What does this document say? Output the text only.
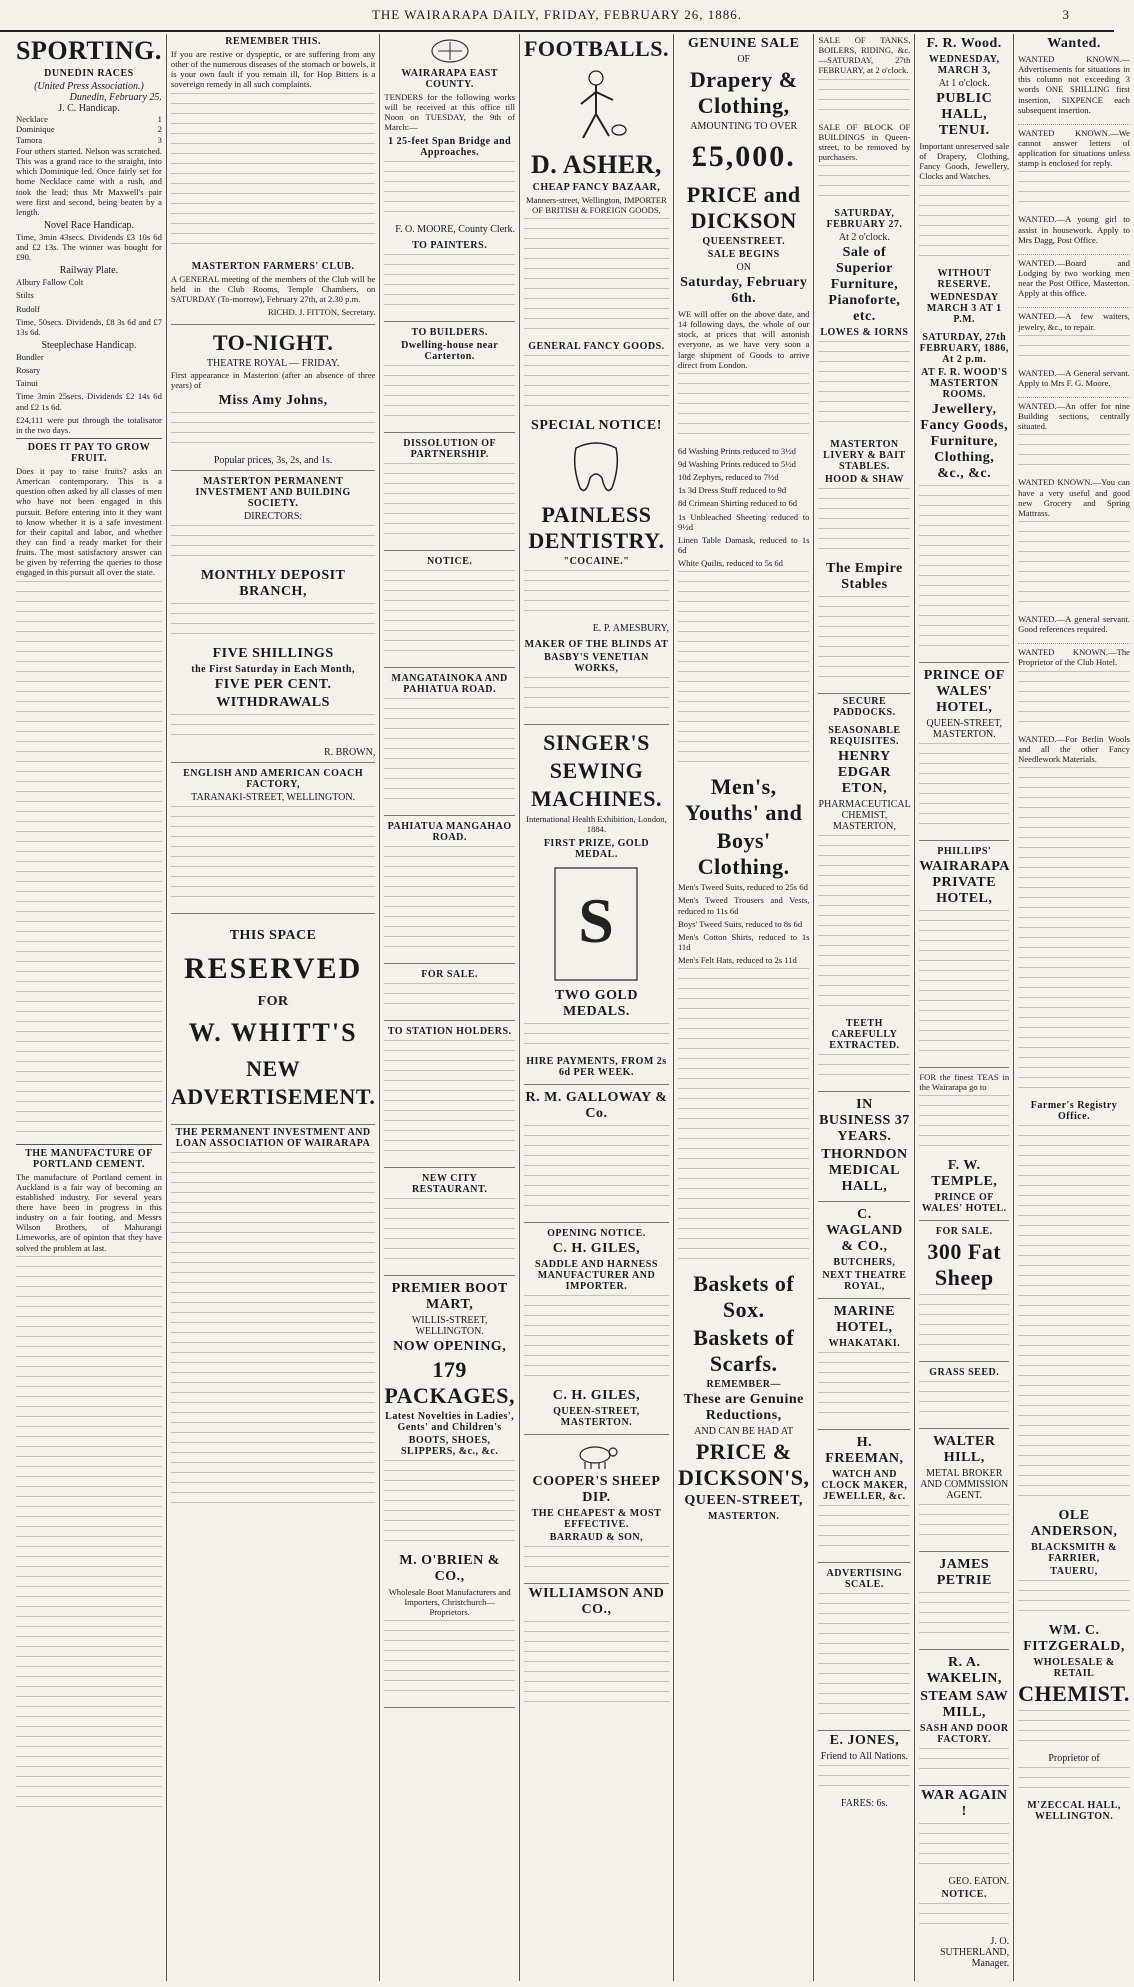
THE WAIRARAPA DAILY, FRIDAY, FEBRUARY 26, 1886.	3
SPORTING.
DUNEDIN RACES
(United Press Association.)
Dunedin, February 25.
J. C. Handicap.
Necklace	1
Dominique	2
Tamora	3

Four others started. Nelson was scratched. This was a grand race to the straight, into which Dominique led. Once fairly set for home Necklace came with a rush, and took the lead; thus Mr Maxwell's pair were first and second, being beaten by a length.

Novel Race Handicap.

Time, 3min 43secs. Dividends £3 10s 6d and £2 13s. The winner was bought for £90.

Railway Plate.

Albury Fallow Colt

Stilts

Rudolf

Time, 50secs. Dividends, £8 3s 6d and £7 13s 6d.

Steeplechase Handicap.

Bundler

Rosary

Tainui

Time 3min 25secs. Dividends £2 14s 6d and £2 1s 6d.

£24,111 were put through the totalisator in the two days.

DOES IT PAY TO GROW FRUIT.

Does it pay to raise fruits? asks an American contemporary. This is a question often asked by all classes of men who have not been engaged in this pursuit. Before entering into it they want to know whether it is a safe investment for their capital and labor, and whether they can find a ready market for their fruits. The most satisfactory answer can be given by referring the queries to those engaged in this pursuit all over the state.

THE MANUFACTURE OF PORTLAND CEMENT.

The manufacture of Portland cement in Auckland is a fair way of becoming an established industry. For several years there have been in progress in this industry on a fair footing, and Messrs Wilson Brothers, of Mahurangi Limeworks, are of opinion that they have solved the problem at last.

REMEMBER THIS.

If you are restive or dyspeptic, or are suffering from any other of the numerous diseases of the stomach or bowels, it is your own fault if you remain ill, for Hop Bitters is a sovereign remedy in all such complaints.

MASTERTON FARMERS' CLUB.

A GENERAL meeting of the members of the Club will be held in the Club Rooms, Temple Chambers, on SATURDAY (To-morrow), February 27th, at 2.30 p.m.

RICHD. J. FITTON, Secretary.

TO-NIGHT.
THEATRE ROYAL — FRIDAY.

First appearance in Masterton (after an absence of three years) of

Miss Amy Johns,
Popular prices, 3s, 2s, and 1s.
MASTERTON PERMANENT INVESTMENT AND BUILDING SOCIETY.
DIRECTORS:
MONTHLY DEPOSIT BRANCH,
FIVE SHILLINGS
the First Saturday in Each Month,
FIVE PER CENT.
WITHDRAWALS
R. BROWN,
ENGLISH AND AMERICAN COACH FACTORY,
TARANAKI-STREET, WELLINGTON.
THIS SPACE
RESERVED
FOR
W. WHITT'S
NEW
ADVERTISEMENT.
THE PERMANENT INVESTMENT AND LOAN ASSOCIATION OF WAIRARAPA
WAIRARAPA EAST COUNTY.

TENDERS for the following works will be received at this office till Noon on TUESDAY, the 9th of March:—

1 25-feet Span Bridge and Approaches.
F. O. MOORE, County Clerk.
TO PAINTERS.
TO BUILDERS.
Dwelling-house near Carterton.
DISSOLUTION OF PARTNERSHIP.
NOTICE.
MANGATAINOKA AND PAHIATUA ROAD.
PAHIATUA MANGAHAO ROAD.
FOR SALE.
TO STATION HOLDERS.
NEW CITY RESTAURANT.
PREMIER BOOT MART,
WILLIS-STREET, WELLINGTON.
NOW OPENING,
179 PACKAGES,
Latest Novelties in Ladies', Gents' and Children's
BOOTS, SHOES, SLIPPERS, &c., &c.
M. O'BRIEN & CO.,

Wholesale Boot Manufacturers and Importers, Christchurch—Proprietors.

FOOTBALLS.
D. ASHER,
CHEAP FANCY BAZAAR,

Manners-street, Wellington, IMPORTER OF BRITISH & FOREIGN GOODS,

GENERAL FANCY GOODS.
SPECIAL NOTICE!
PAINLESS DENTISTRY.
"COCAINE."
E. P. AMESBURY,
MAKER OF THE BLINDS AT
BASBY'S VENETIAN WORKS,
SINGER'S
SEWING
MACHINES.

International Health Exhibition, London, 1884.

FIRST PRIZE, GOLD MEDAL.
S
TWO GOLD MEDALS.
HIRE PAYMENTS, FROM 2s 6d PER WEEK.
R. M. GALLOWAY & Co.
OPENING NOTICE.
C. H. GILES,
SADDLE AND HARNESS MANUFACTURER AND IMPORTER.
C. H. GILES,
QUEEN-STREET, MASTERTON.
COOPER'S SHEEP DIP.
THE CHEAPEST & MOST EFFECTIVE.
BARRAUD & SON,
WILLIAMSON AND CO.,
GENUINE SALE
OF
Drapery & Clothing,
AMOUNTING TO OVER
£5,000.
PRICE and DICKSON
QUEENSTREET.
SALE BEGINS
ON
Saturday, February 6th.

WE will offer on the above date, and 14 following days, the whole of our stock, at prices that will astonish everyone, as we have very soon a large shipment of Goods to arrive direct from London.

6d Washing Prints reduced to 3½d

9d Washing Prints reduced to 5½d

10d Zephyrs, reduced to 7½d

1s 3d Dress Stuff reduced to 9d

8d Crimean Shirting reduced to 6d

1s Unbleached Sheeting reduced to 9½d

Linen Table Damask, reduced to 1s 6d

White Quilts, reduced to 5s 6d

Men's, Youths' and
Boys' Clothing.

Men's Tweed Suits, reduced to 25s 6d

Men's Tweed Trousers and Vests, reduced to 11s 6d

Boys' Tweed Suits, reduced to 8s 6d

Men's Cotton Shirts, reduced to 1s 11d

Men's Felt Hats, reduced to 2s 11d

Baskets of Sox.
Baskets of Scarfs.
REMEMBER—
These are Genuine Reductions,
AND CAN BE HAD AT
PRICE & DICKSON'S,
QUEEN-STREET,
MASTERTON.

SALE OF TANKS, BOILERS, RIDING, &c.—SATURDAY, 27th FEBRUARY, at 2 o'clock.

SALE OF BLOCK OF BUILDINGS in Queen-street, to be removed by purchasers.

SATURDAY, FEBRUARY 27.
At 2 o'clock.
Sale of Superior Furniture, Pianoforte, etc.
LOWES & IORNS
MASTERTON LIVERY & BAIT STABLES.
HOOD & SHAW
The Empire Stables
SECURE PADDOCKS.
SEASONABLE REQUISITES.
HENRY EDGAR ETON,
PHARMACEUTICAL CHEMIST, MASTERTON,
TEETH CAREFULLY EXTRACTED.
IN BUSINESS 37 YEARS.
THORNDON MEDICAL HALL,
C. WAGLAND & CO.,
BUTCHERS,
NEXT THEATRE ROYAL,
MARINE HOTEL,
WHAKATAKI.
H. FREEMAN,
WATCH AND CLOCK MAKER, JEWELLER, &c.
ADVERTISING SCALE.
E. JONES,
Friend to All Nations.
FARES: 6s.
F. R. Wood.
WEDNESDAY, MARCH 3,
At 1 o'clock.
PUBLIC HALL, TENUI.

Important unreserved sale of Drapery, Clothing, Fancy Goods, Jewellery, Clocks and Watches.

WITHOUT RESERVE.
WEDNESDAY MARCH 3 AT 1 P.M.
SATURDAY, 27th FEBRUARY, 1886, At 2 p.m.
AT F. R. WOOD'S MASTERTON ROOMS.
Jewellery, Fancy Goods, Furniture, Clothing, &c., &c.
PRINCE OF WALES' HOTEL,
QUEEN-STREET, MASTERTON.
PHILLIPS'
WAIRARAPA PRIVATE HOTEL,

FOR the finest TEAS in the Wairarapa go to

F. W. TEMPLE,
PRINCE OF WALES' HOTEL.
FOR SALE.
300 Fat Sheep
GRASS SEED.
WALTER HILL,
METAL BROKER AND COMMISSION AGENT.
JAMES PETRIE
R. A. WAKELIN,
STEAM SAW MILL,
SASH AND DOOR FACTORY.
WAR AGAIN !
GEO. EATON.
NOTICE.
J. O. SUTHERLAND, Manager.
Wanted.

WANTED KNOWN.—Advertisements for situations in this column not exceeding 3 words ONE SHILLING first insertion, SIXPENCE each subsequent insertion.

WANTED KNOWN.—We cannot answer letters of application for situations unless stamp is enclosed for reply.

WANTED.—A young girl to assist in housework. Apply to Mrs Dagg, Post Office.

WANTED.—Board and Lodging by two working men near the Post Office, Masterton. Apply at this office.

WANTED.—A few waiters, jewelry, &c., to repair.

WANTED.—A General servant. Apply to Mrs F. G. Moore.

WANTED.—An offer for nine Building sections, centrally situated.

WANTED KNOWN.—You can have a very useful and good new Grocery and Spring Mattrass.

WANTED.—A general servant. Good references required.

WANTED KNOWN.—The Proprietor of the Club Hotel.

WANTED.—For Berlin Wools and all the other Fancy Needlework Materials.

Farmer's Registry Office.
OLE ANDERSON,
BLACKSMITH & FARRIER,
TAUERU,
WM. C. FITZGERALD,
WHOLESALE & RETAIL
CHEMIST.
Proprietor of
M'ZECCAL HALL, WELLINGTON.
